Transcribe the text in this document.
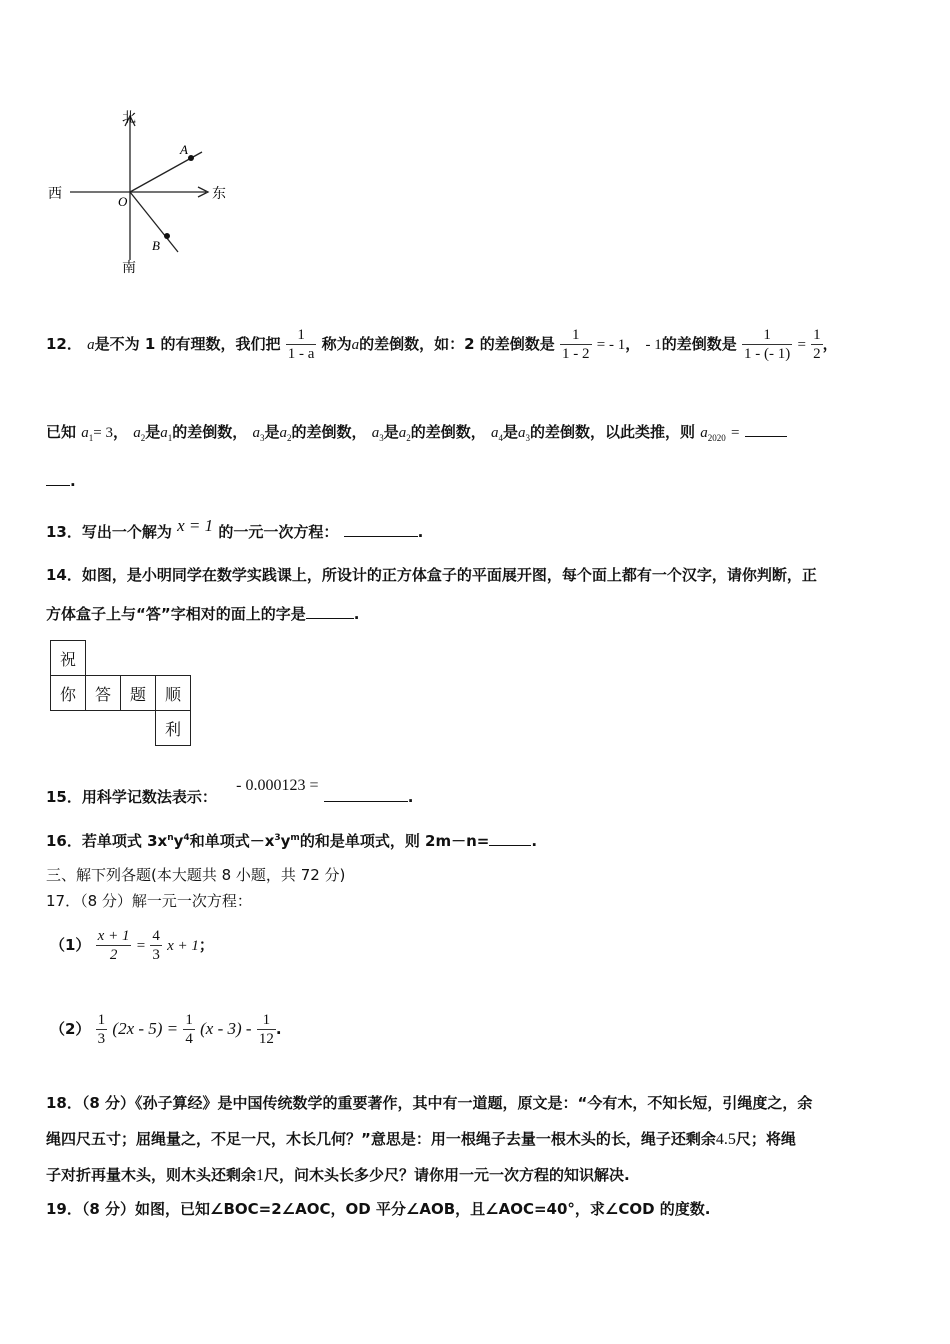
北
南
东
西	O
A
B
12． a是不为 1 的有理数，我们把 $\frac{1}{1 - a}$ 称为a的差倒数，如：2 的差倒数是 $\frac{1}{1 - 2}$ = - 1， - 1的差倒数是 $\frac{1}{1 - (- 1)} = \frac{1}{2}$ ，
已知 $a_1= 3$， $a_2$是$a_1$的差倒数， $a_3$是$a_2$的差倒数， $a_3$是$a_2$的差倒数， $a_4$是$a_3$的差倒数，以此类推，则 $a_{2020}$ =
.
13．写出一个解为 x = 1 的一元一次方程：	.
14．如图，是小明同学在数学实践课上，所设计的正方体盒子的平面展开图，每个面上都有一个汉字，请你判断，正
方体盒子上与“答”字相对的面上的字是	.
祝			
你	答	题	顺
			利
15．用科学记数法表示： - 0.000123 = .
16．若单项式 $3x^ny^4$和单项式$-x^3y^m$的和是单项式，则 2m－n=	.
三、解下列各题(本大题共 8 小题，共 72 分)
17．（8 分）解一元一次方程：
$(1) \frac{x + 1}{2} = \frac{4}{3}$ x + 1；
$(2) \frac{1}{3} (2x - 5) = \frac{1}{4} (x - 3) - \frac{1}{12}$ .
18．（8 分）《孙子算经》是中国传统数学的重要著作，其中有一道题，原文是：“今有木，不知长短，引绳度之，余
绳四尺五寸；屈绳量之，不足一尺，木长几何？”意思是：用一根绳子去量一根木头的长，绳子还剩余4.5尺；将绳
子对折再量木头，则木头还剩余1尺，问木头长多少尺？请你用一元一次方程的知识解决.
19．（8 分）如图，已知∠BOC=2∠AOC，OD 平分∠AOB，且∠AOC=40°，求∠COD 的度数.
